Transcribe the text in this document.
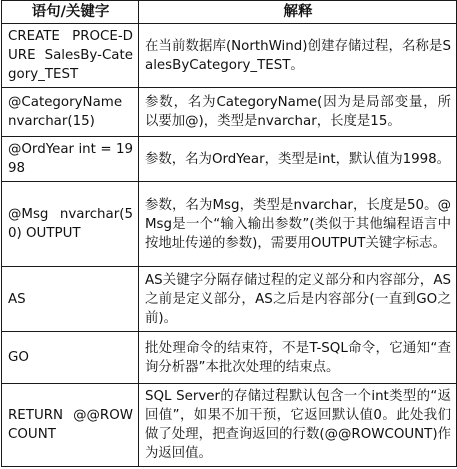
语句/关键字	解释
CREATE PROCE-DURE SalesBy-Category_TEST	在当前数据库(NorthWind)创建存储过程，名称是SalesByCategory_TEST。
@CategoryName nvarchar(15)	参数，名为CategoryName(因为是局部变量，所以要加@)，类型是nvarchar，长度是15。
@OrdYear int = 1998	参数，名为OrdYear，类型是int，默认值为1998。
@Msg nvarchar(50) OUTPUT	参数，名为Msg，类型是nvarchar，长度是50。@Msg是一个“输入输出参数”(类似于其他编程语言中按地址传递的参数)，需要用OUTPUT关键字标志。
AS	AS关键字分隔存储过程的定义部分和内容部分，AS之前是定义部分，AS之后是内容部分(一直到GO之前)。
GO	批处理命令的结束符，不是T-SQL命令，它通知“查询分析器”本批次处理的结束点。
RETURN @@ROWCOUNT	SQL Server的存储过程默认包含一个int类型的“返回值”，如果不加干预，它返回默认值0。此处我们做了处理，把查询返回的行数(@@ROWCOUNT)作为返回值。
